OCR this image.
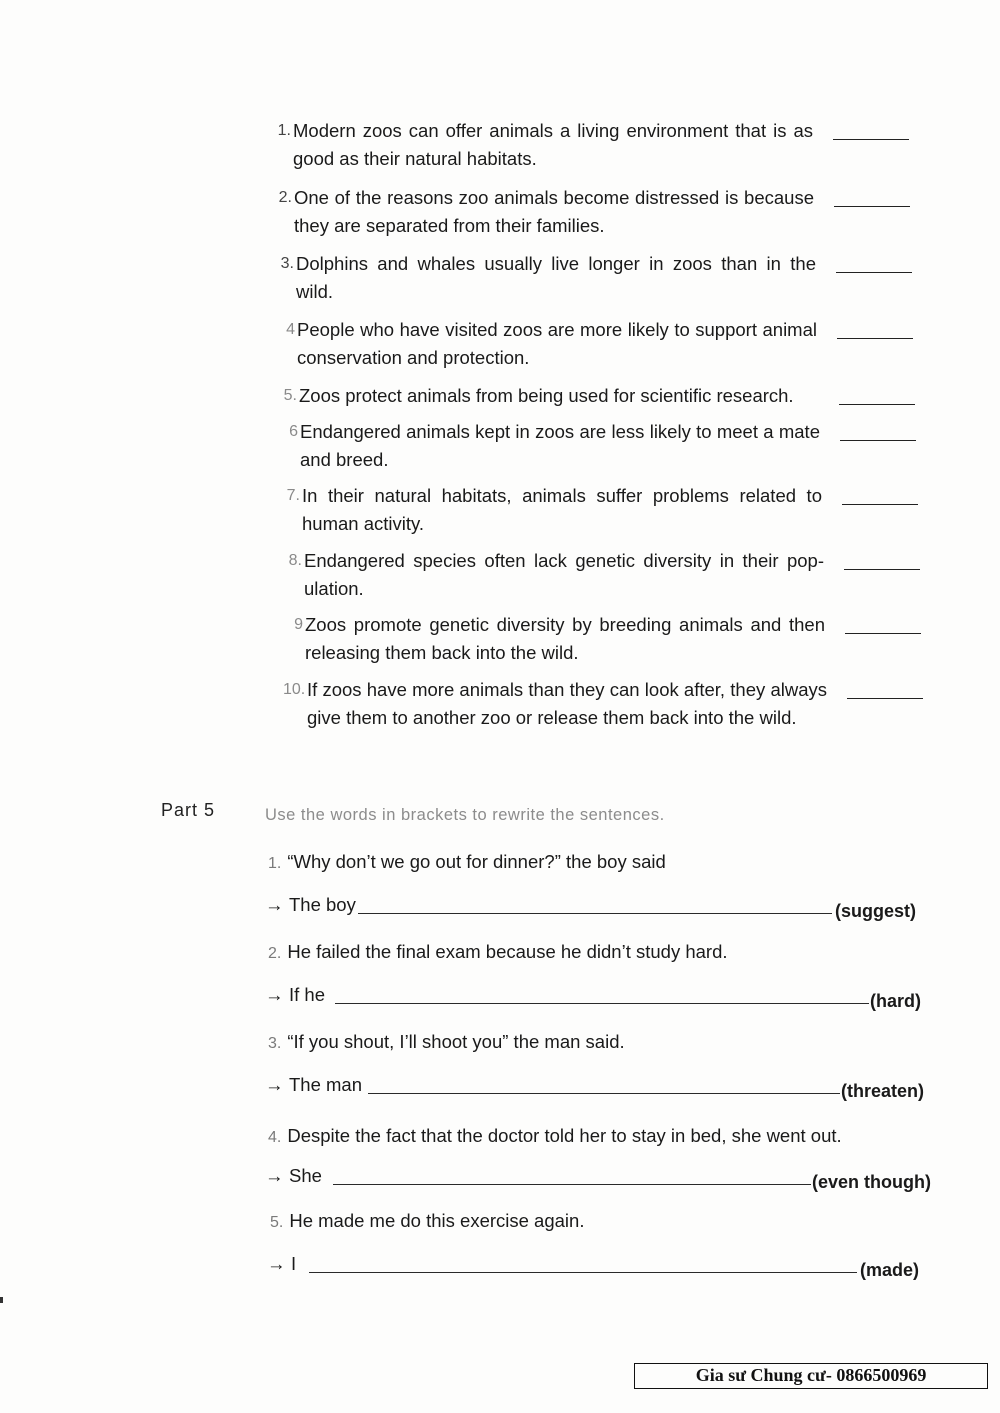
1. Modern zoos can offer animals a living environment that is as good as their natural habitats.
2. One of the reasons zoo animals become distressed is because they are separated from their families.
3. Dolphins and whales usually live longer in zoos than in the wild.
4 People who have visited zoos are more likely to support animal conservation and protection.
5. Zoos protect animals from being used for scientific research.
6 Endangered animals kept in zoos are less likely to meet a mate and breed.
7. In their natural habitats, animals suffer problems related to human activity.
8. Endangered species often lack genetic diversity in their pop-ulation.
9 Zoos promote genetic diversity by breeding animals and then releasing them back into the wild.
10. If zoos have more animals than they can look after, they always give them to another zoo or release them back into the wild.
Part 5	Use the words in brackets to rewrite the sentences.
1. “Why don’t we go out for dinner?” the boy said
→ The boy	(suggest)
2. He failed the final exam because he didn’t study hard.
→ If he	(hard)
3. “If you shout, I’ll shoot you” the man said.
→ The man	(threaten)
4. Despite the fact that the doctor told her to stay in bed, she went out.
→ She	(even though)
5. He made me do this exercise again.
→ I	(made)
Gia sư Chung cư- 0866500969
